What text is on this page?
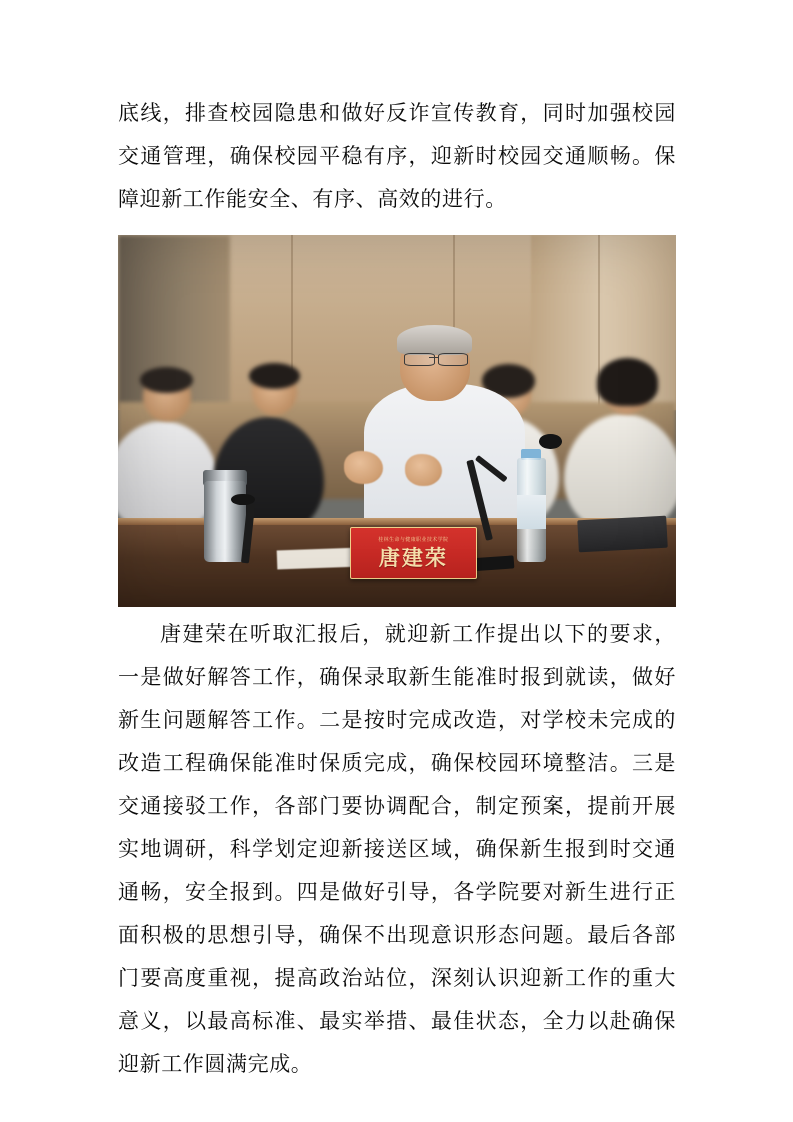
底线，排查校园隐患和做好反诈宣传教育，同时加强校园交通管理，确保校园平稳有序，迎新时校园交通顺畅。保障迎新工作能安全、有序、高效的进行。

桂林生命与健康职业技术学院
唐建荣

唐建荣在听取汇报后，就迎新工作提出以下的要求，一是做好解答工作，确保录取新生能准时报到就读，做好新生问题解答工作。二是按时完成改造，对学校未完成的改造工程确保能准时保质完成，确保校园环境整洁。三是交通接驳工作，各部门要协调配合，制定预案，提前开展实地调研，科学划定迎新接送区域，确保新生报到时交通通畅，安全报到。四是做好引导，各学院要对新生进行正面积极的思想引导，确保不出现意识形态问题。最后各部门要高度重视，提高政治站位，深刻认识迎新工作的重大意义，以最高标准、最实举措、最佳状态，全力以赴确保迎新工作圆满完成。
